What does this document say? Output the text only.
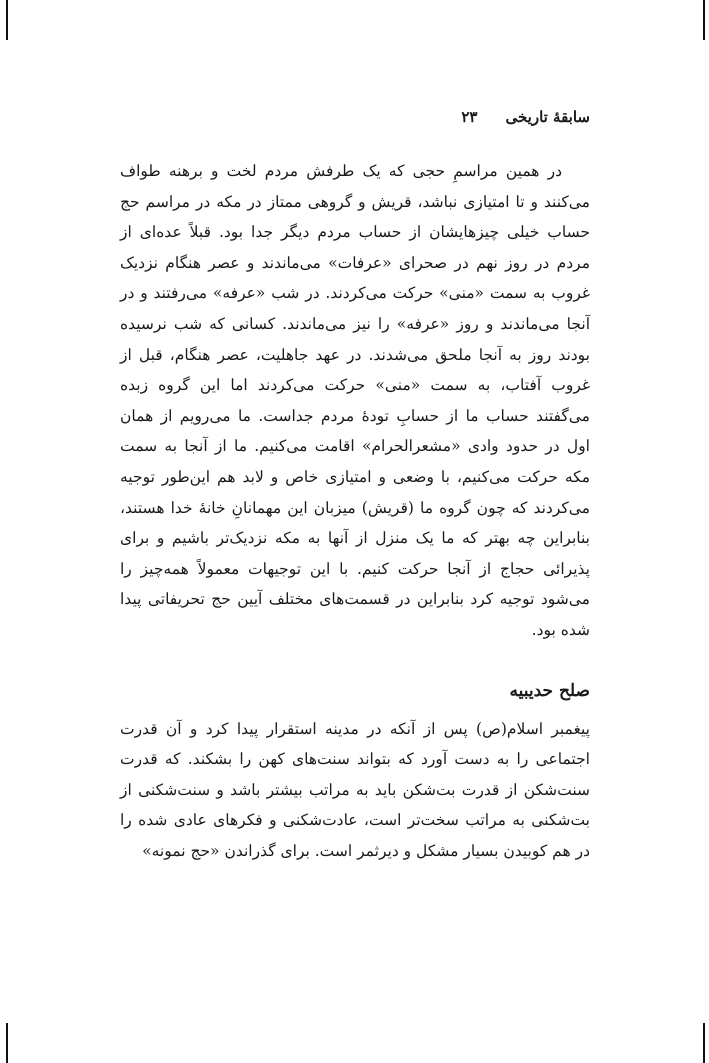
سابقهٔ تاریخی
۲۳

در همین مراسمِ حجی که یک طرفش مردم لخت و برهنه طواف می‌کنند و تا امتیازی نباشد، قریش و گروهی ممتاز در مکه در مراسم حج حساب خیلی چیزهایشان از حساب مردم دیگر جدا بود. قبلاً عده‌ای از مردم در روز نهم در صحرای «عرفات» می‌ماندند و عصر هنگام نزدیک غروب به سمت «منی» حرکت می‌کردند. در شب «عرفه» می‌رفتند و در آنجا می‌ماندند و روز «عرفه» را نیز می‌ماندند. کسانی که شب نرسیده بودند روز به آنجا ملحق می‌شدند. در عهد جاهلیت، عصر هنگام، قبل از غروب آفتاب، به سمت «منی» حرکت می‌کردند اما این گروه زبده می‌گفتند حساب ما از حسابِ تودهٔ مردم جداست. ما می‌رویم از همان اول در حدود وادی «مشعرالحرام» اقامت می‌کنیم. ما از آنجا به سمت مکه حرکت می‌کنیم، با وضعی و امتیازی خاص و لابد هم این‌طور توجیه می‌کردند که چون گروه ما (قریش) میزبان این مهمانانِ خانهٔ خدا هستند، بنابراین چه بهتر که ما یک منزل از آنها به مکه نزدیک‌تر باشیم و برای پذیرائی حجاج از آنجا حرکت کنیم. با این توجیهات معمولاً همه‌چیز را می‌شود توجیه کرد بنابراین در قسمت‌های مختلف آیین حج تحریفاتی پیدا شده بود.

صلح حدیبیه

پیغمبر اسلام(ص) پس از آنکه در مدینه استقرار پیدا کرد و آن قدرت اجتماعی را به دست آورد که بتواند سنت‌های کهن را بشکند. که قدرت سنت‌شکن از قدرت بت‌شکن باید به مراتب بیشتر باشد و سنت‌شکنی از بت‌شکنی به مراتب سخت‌تر است، عادت‌شکنی و فکرهای عادی شده را در هم کوبیدن بسیار مشکل و دیرثمر است. برای گذراندن «حج نمونه»
